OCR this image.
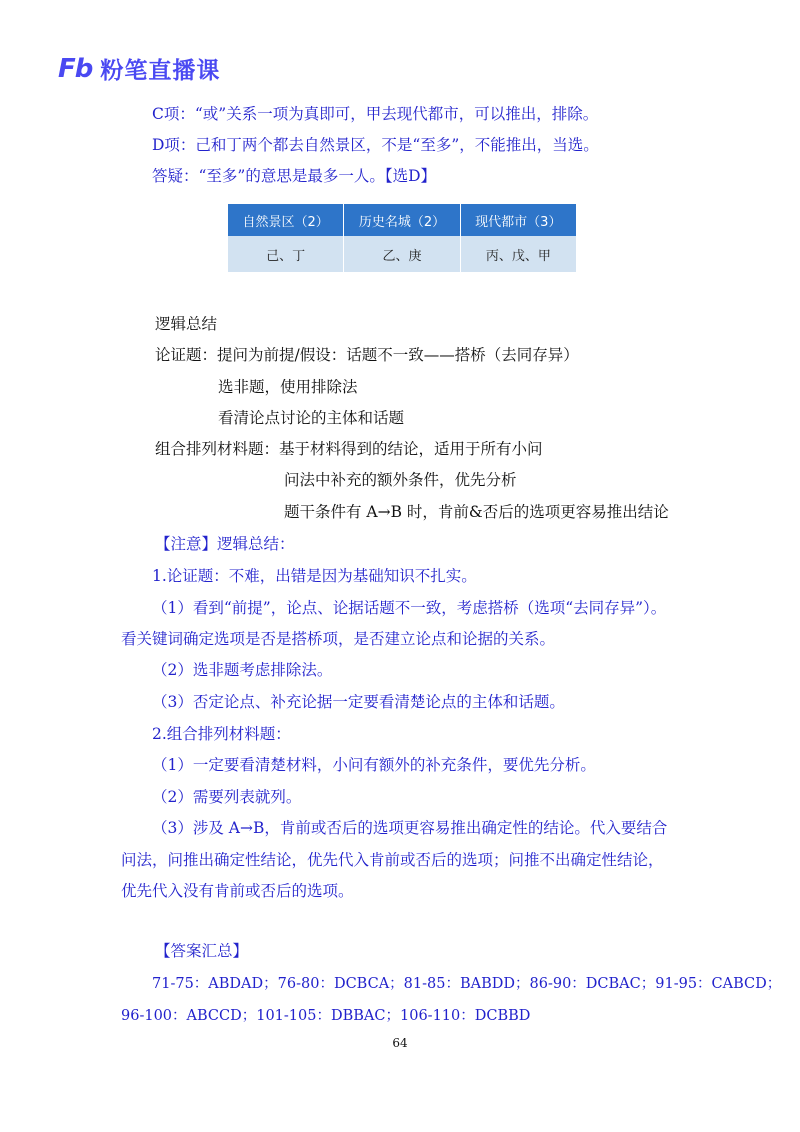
Fb 粉笔直播课
C项：“或”关系一项为真即可，甲去现代都市，可以推出，排除。
D项：己和丁两个都去自然景区，不是“至多”，不能推出，当选。
答疑：“至多”的意思是最多一人。【选D】
自然景区（2）	历史名城（2）	现代都市（3）
己、丁	乙、庚	丙、戊、甲
逻辑总结
论证题：提问为前提/假设：话题不一致——搭桥（去同存异）
选非题，使用排除法
看清论点讨论的主体和话题
组合排列材料题：基于材料得到的结论，适用于所有小问
问法中补充的额外条件，优先分析
题干条件有 A→B 时，肯前&否后的选项更容易推出结论
【注意】逻辑总结：
1.论证题：不难，出错是因为基础知识不扎实。
（1）看到“前提”，论点、论据话题不一致，考虑搭桥（选项“去同存异”）。
看关键词确定选项是否是搭桥项，是否建立论点和论据的关系。
（2）选非题考虑排除法。
（3）否定论点、补充论据一定要看清楚论点的主体和话题。
2.组合排列材料题：
（1）一定要看清楚材料，小问有额外的补充条件，要优先分析。
（2）需要列表就列。
（3）涉及 A→B，肯前或否后的选项更容易推出确定性的结论。代入要结合
问法，问推出确定性结论，优先代入肯前或否后的选项；问推不出确定性结论，
优先代入没有肯前或否后的选项。
【答案汇总】
71-75：ABDAD；76-80：DCBCA；81-85：BABDD；86-90：DCBAC；91-95：CABCD；
96-100：ABCCD；101-105：DBBAC；106-110：DCBBD
64
